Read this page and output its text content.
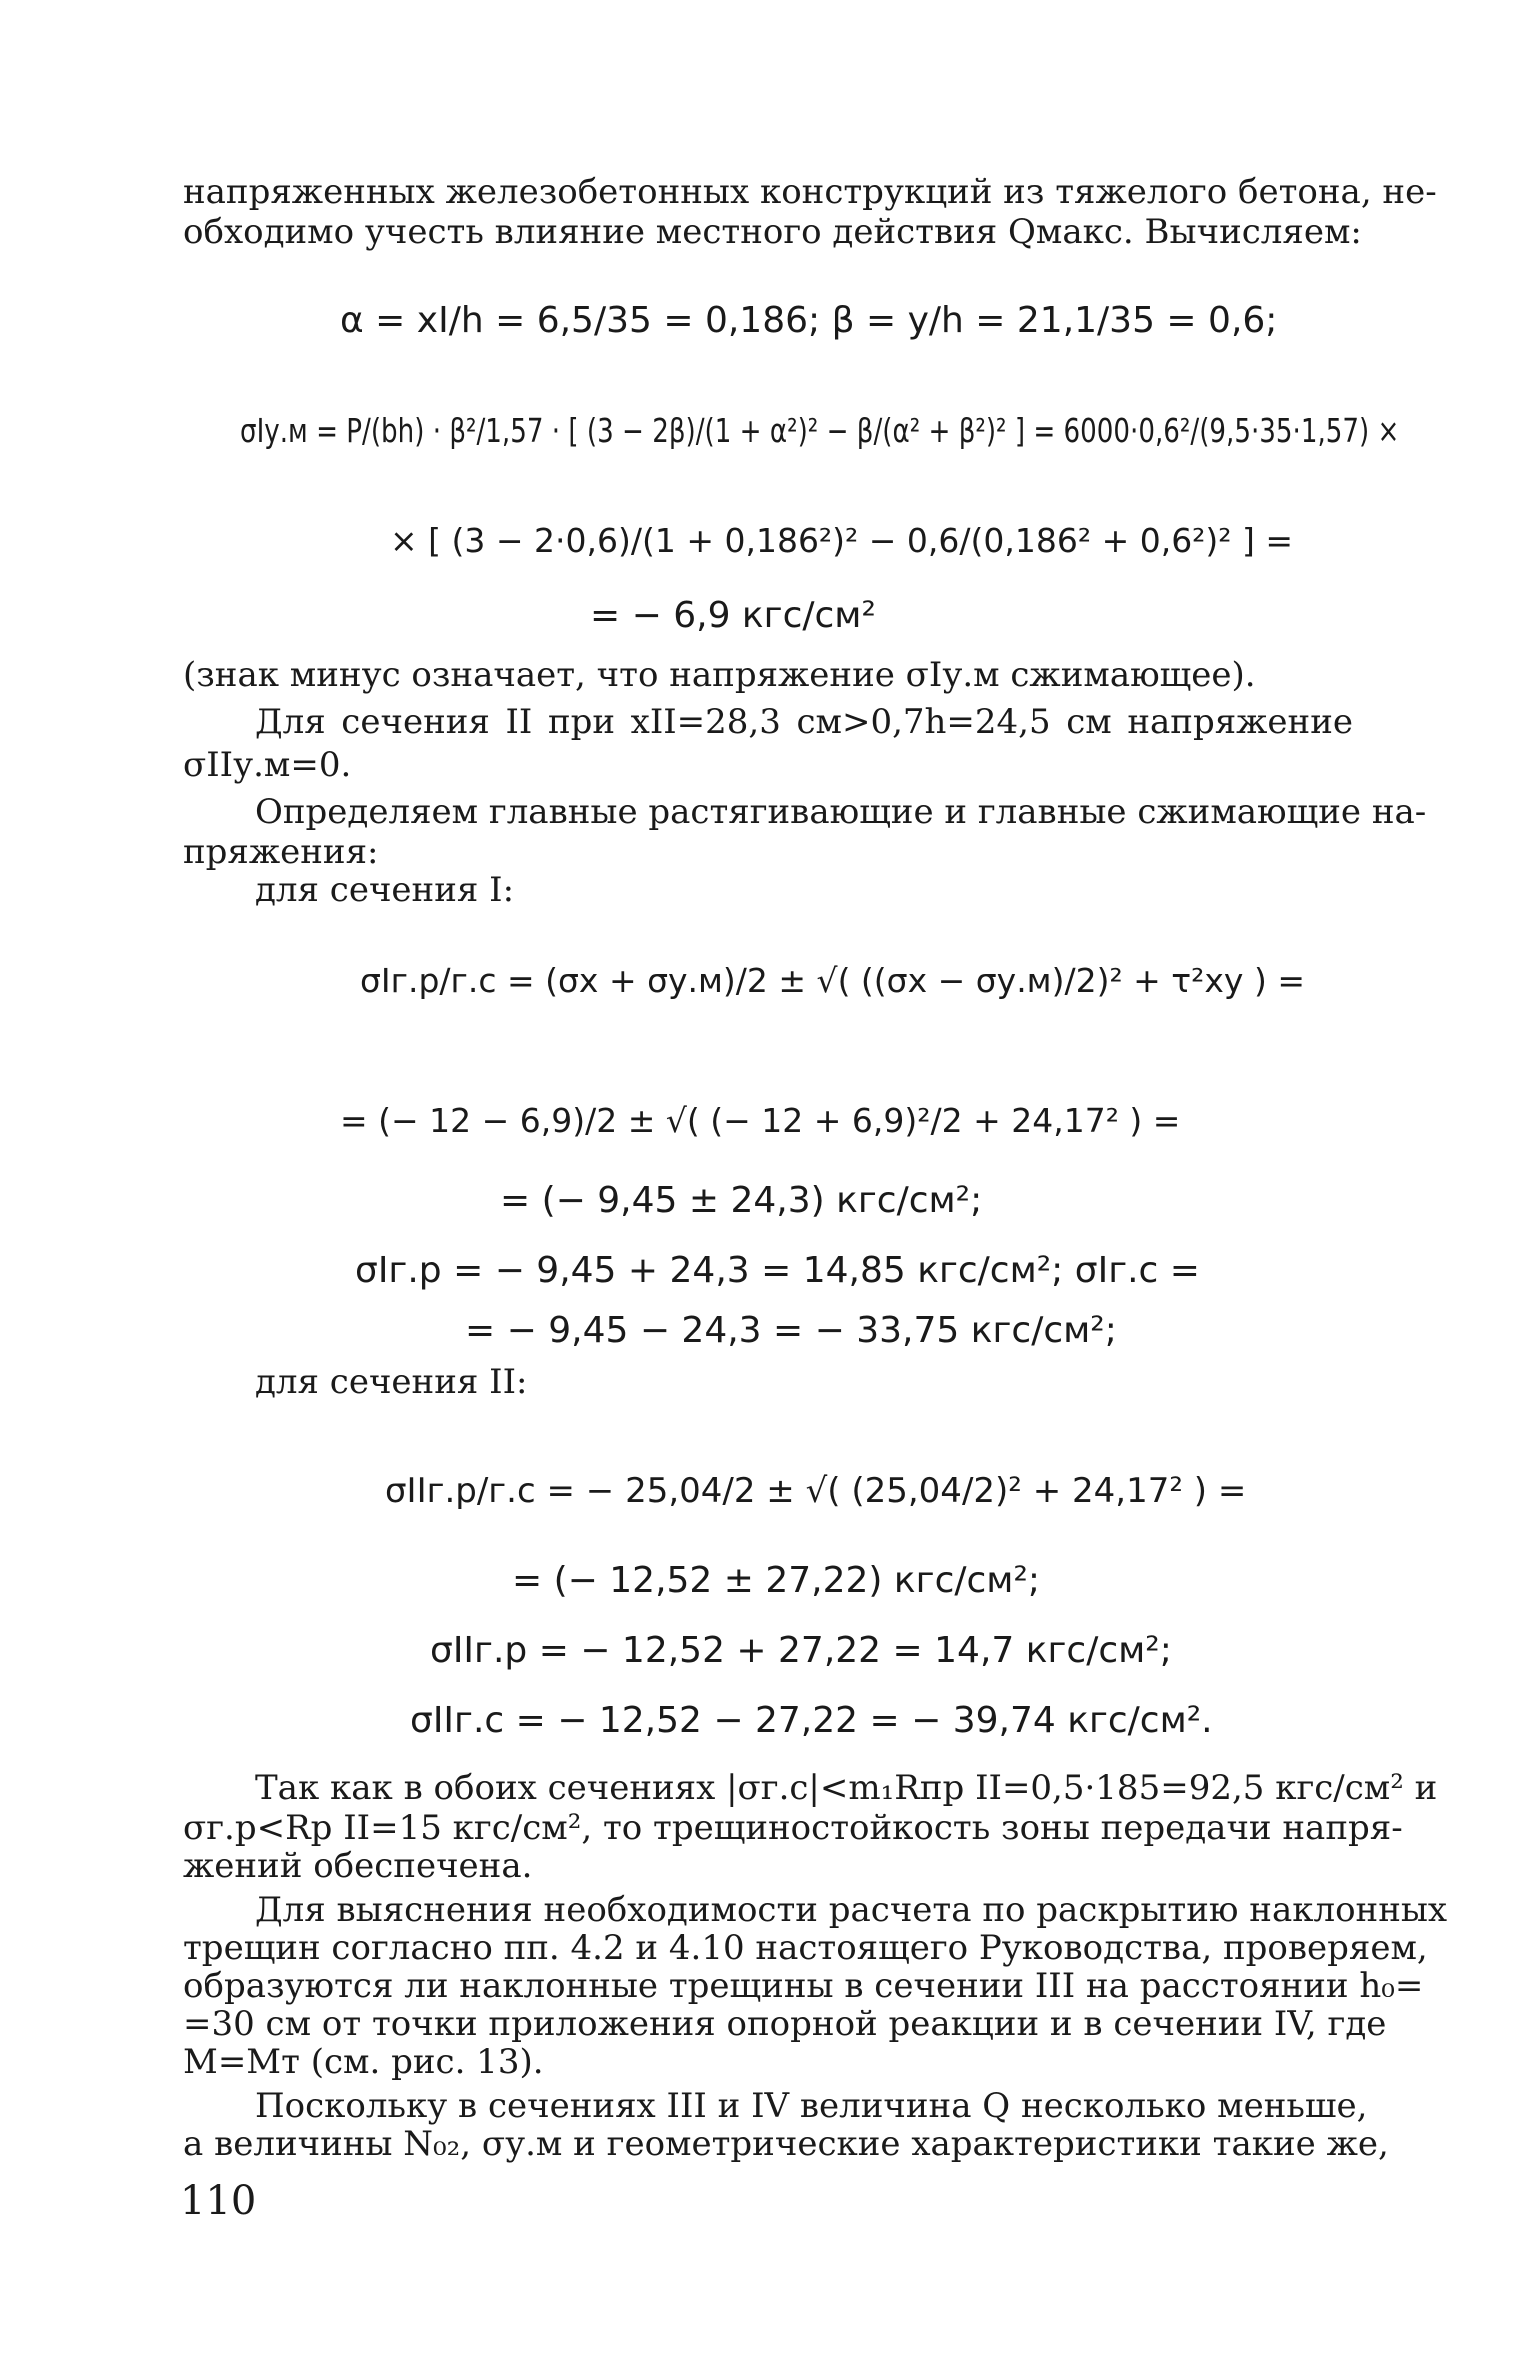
напряженных железобетонных конструкций из тяжелого бетона, не-
обходимо учесть влияние местного действия Qмакс. Вычисляем:
α = xI/h = 6,5/35 = 0,186; β = y/h = 21,1/35 = 0,6;
σIу.м = P/(bh) · β²/1,57 · [ (3 − 2β)/(1 + α²)² − β/(α² + β²)² ] = 6000·0,6²/(9,5·35·1,57) ×
× [ (3 − 2·0,6)/(1 + 0,186²)² − 0,6/(0,186² + 0,6²)² ] =
= − 6,9 кгс/см²
(знак минус означает, что напряжение σIу.м сжимающее).
Для сечения II при xII=28,3 см>0,7h=24,5 см напряжение
σIIу.м=0.
Определяем главные растягивающие и главные сжимающие на-
пряжения:
для сечения I:
σIг.р/г.с = (σx + σу.м)/2 ± √( ((σx − σу.м)/2)² + τ²xy ) =
= (− 12 − 6,9)/2 ± √( (− 12 + 6,9)²/2 + 24,17² ) =
= (− 9,45 ± 24,3) кгс/см²;
σIг.р = − 9,45 + 24,3 = 14,85 кгс/см²; σIг.с =
= − 9,45 − 24,3 = − 33,75 кгс/см²;
для сечения II:
σIIг.р/г.с = − 25,04/2 ± √( (25,04/2)² + 24,17² ) =
= (− 12,52 ± 27,22) кгс/см²;
σIIг.р = − 12,52 + 27,22 = 14,7 кгс/см²;
σIIг.с = − 12,52 − 27,22 = − 39,74 кгс/см².
Так как в обоих сечениях |σг.с|<m₁Rпр II=0,5·185=92,5 кгс/см² и
σг.р<Rр II=15 кгс/см², то трещиностойкость зоны передачи напря-
жений обеспечена.
Для выяснения необходимости расчета по раскрытию наклонных
трещин согласно пп. 4.2 и 4.10 настоящего Руководства, проверяем,
образуются ли наклонные трещины в сечении III на расстоянии h₀=
=30 см от точки приложения опорной реакции и в сечении IV, где
M=Mт (см. рис. 13).
Поскольку в сечениях III и IV величина Q несколько меньше,
а величины N₀₂, σу.м и геометрические характеристики такие же,
110
